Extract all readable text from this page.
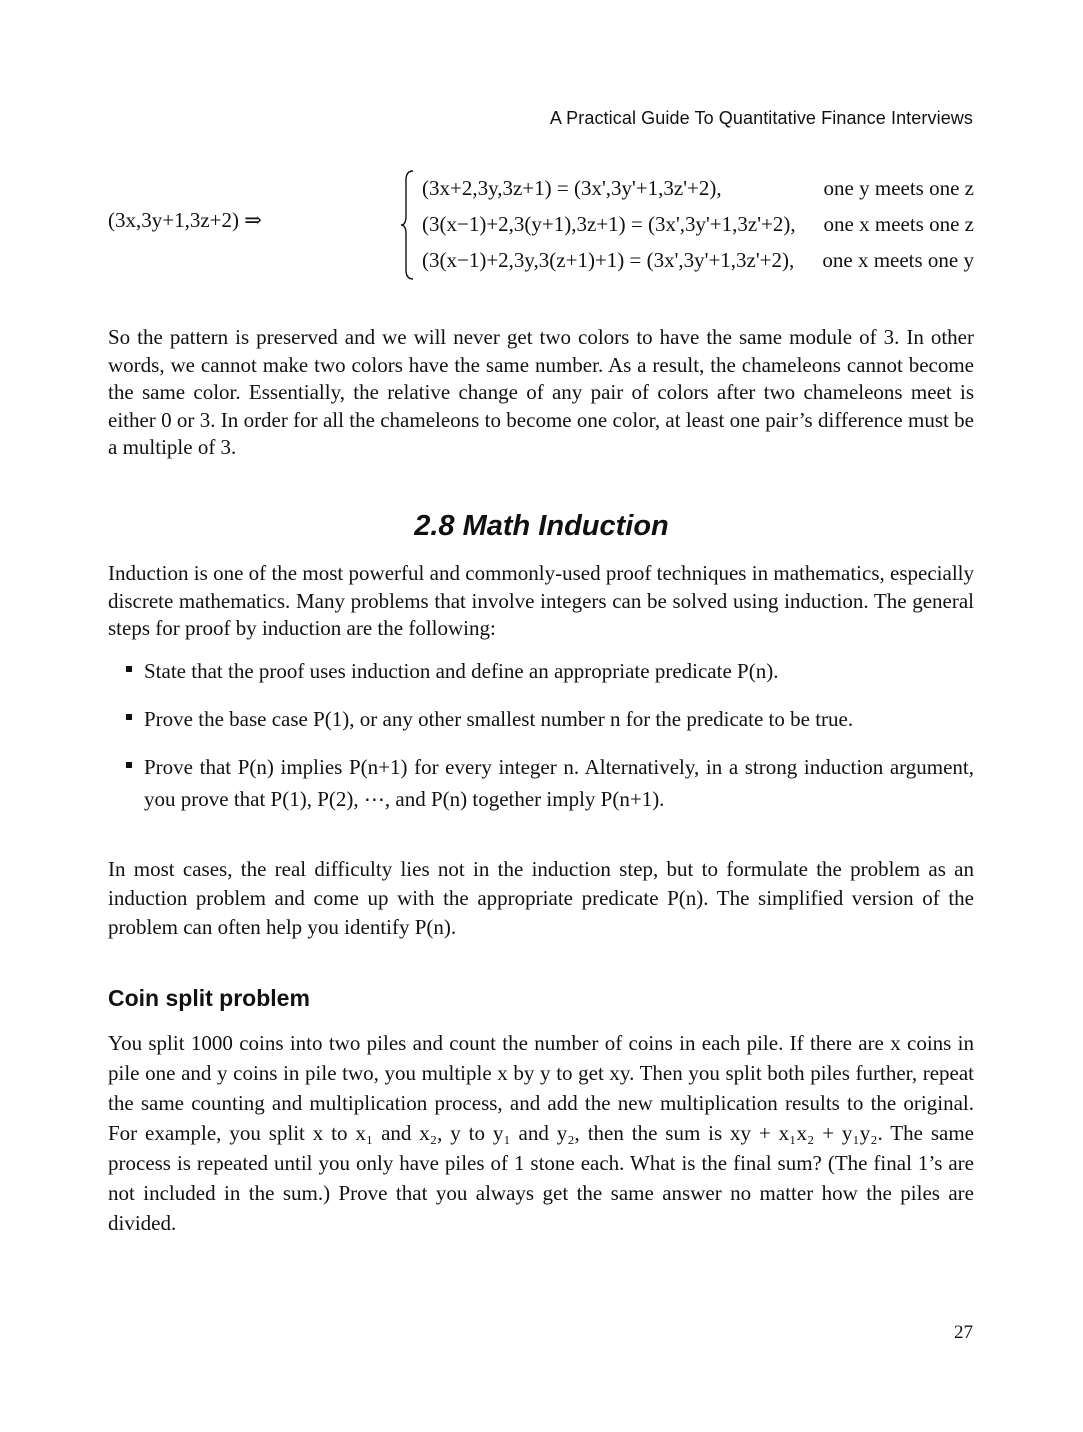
A Practical Guide To Quantitative Finance Interviews
(3x,3y+1,3z+2) ⇒
(3x+2,3y,3z+1) = (3x',3y'+1,3z'+2),	one y meets one z
(3(x−1)+2,3(y+1),3z+1) = (3x',3y'+1,3z'+2), one x meets one z
(3(x−1)+2,3y,3(z+1)+1) = (3x',3y'+1,3z'+2), one x meets one y

So the pattern is preserved and we will never get two colors to have the same module of 3. In other words, we cannot make two colors have the same number. As a result, the chameleons cannot become the same color. Essentially, the relative change of any pair of colors after two chameleons meet is either 0 or 3. In order for all the chameleons to become one color, at least one pair’s difference must be a multiple of 3.

2.8 Math Induction

Induction is one of the most powerful and commonly-used proof techniques in mathematics, especially discrete mathematics. Many problems that involve integers can be solved using induction. The general steps for proof by induction are the following:

State that the proof uses induction and define an appropriate predicate P(n).
Prove the base case P(1), or any other smallest number n for the predicate to be true.
Prove that P(n) implies P(n+1) for every integer n. Alternatively, in a strong induction argument, you prove that P(1), P(2), ⋯, and P(n) together imply P(n+1).

In most cases, the real difficulty lies not in the induction step, but to formulate the problem as an induction problem and come up with the appropriate predicate P(n). The simplified version of the problem can often help you identify P(n).

Coin split problem

You split 1000 coins into two piles and count the number of coins in each pile. If there are x coins in pile one and y coins in pile two, you multiple x by y to get xy. Then you split both piles further, repeat the same counting and multiplication process, and add the new multiplication results to the original. For example, you split x to x₁ and x₂, y to y₁ and y₂, then the sum is xy + x₁x₂ + y₁y₂. The same process is repeated until you only have piles of 1 stone each. What is the final sum? (The final 1’s are not included in the sum.) Prove that you always get the same answer no matter how the piles are divided.

27
